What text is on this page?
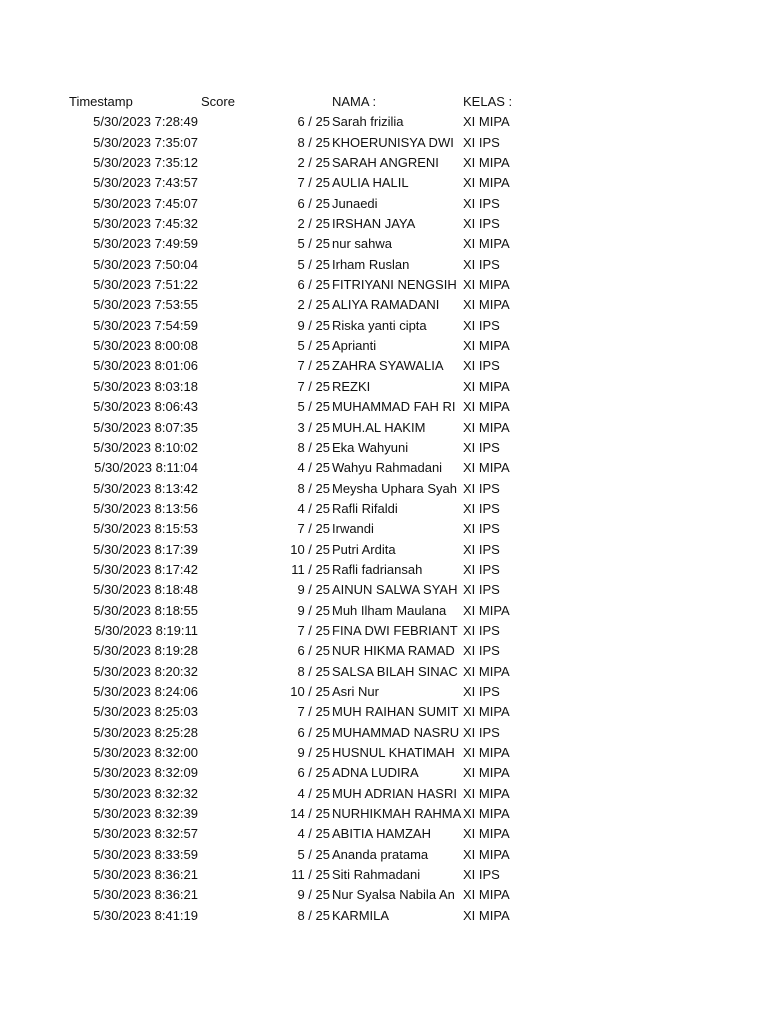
Timestamp	Score	NAMA :	KELAS :
5/30/2023 7:28:49	6 / 25 Sarah frizilia	XI MIPA
5/30/2023 7:35:07	8 / 25 KHOERUNISYA DWI XI IPS
5/30/2023 7:35:12	2 / 25 SARAH ANGRENI	XI MIPA
5/30/2023 7:43:57	7 / 25 AULIA HALIL	XI MIPA
5/30/2023 7:45:07	6 / 25 Junaedi	XI IPS
5/30/2023 7:45:32	2 / 25 IRSHAN JAYA	XI IPS
5/30/2023 7:49:59	5 / 25 nur sahwa	XI MIPA
5/30/2023 7:50:04	5 / 25 Irham Ruslan	XI IPS
5/30/2023 7:51:22	6 / 25 FITRIYANI NENGSIH XI MIPA
5/30/2023 7:53:55	2 / 25 ALIYA RAMADANI	XI MIPA
5/30/2023 7:54:59	9 / 25 Riska yanti cipta	XI IPS
5/30/2023 8:00:08	5 / 25 Aprianti	XI MIPA
5/30/2023 8:01:06	7 / 25 ZAHRA SYAWALIA	XI IPS
5/30/2023 8:03:18	7 / 25 REZKI	XI MIPA
5/30/2023 8:06:43	5 / 25 MUHAMMAD FAH RI XI MIPA
5/30/2023 8:07:35	3 / 25 MUH.AL HAKIM	XI MIPA
5/30/2023 8:10:02	8 / 25 Eka Wahyuni	XI IPS
5/30/2023 8:11:04	4 / 25 Wahyu Rahmadani	XI MIPA
5/30/2023 8:13:42	8 / 25 Meysha Uphara Syah XI IPS
5/30/2023 8:13:56	4 / 25 Rafli Rifaldi	XI IPS
5/30/2023 8:15:53	7 / 25 Irwandi	XI IPS
5/30/2023 8:17:39	10 / 25 Putri Ardita	XI IPS
5/30/2023 8:17:42	11 / 25 Rafli fadriansah	XI IPS
5/30/2023 8:18:48	9 / 25 AINUN SALWA SYAH XI IPS
5/30/2023 8:18:55	9 / 25 Muh Ilham Maulana	XI MIPA
5/30/2023 8:19:11	7 / 25 FINA DWI FEBRIANT XI IPS
5/30/2023 8:19:28	6 / 25 NUR HIKMA RAMAD XI IPS
5/30/2023 8:20:32	8 / 25 SALSA BILAH SINAC XI MIPA
5/30/2023 8:24:06	10 / 25 Asri Nur	XI IPS
5/30/2023 8:25:03	7 / 25 MUH RAIHAN SUMIT XI MIPA
5/30/2023 8:25:28	6 / 25 MUHAMMAD NASRU XI IPS
5/30/2023 8:32:00	9 / 25 HUSNUL KHATIMAH XI MIPA
5/30/2023 8:32:09	6 / 25 ADNA LUDIRA	XI MIPA
5/30/2023 8:32:32	4 / 25 MUH ADRIAN HASRI XI MIPA
5/30/2023 8:32:39	14 / 25 NURHIKMAH RAHMA XI MIPA
5/30/2023 8:32:57	4 / 25 ABITIA HAMZAH	XI MIPA
5/30/2023 8:33:59	5 / 25 Ananda pratama	XI MIPA
5/30/2023 8:36:21	11 / 25 Siti Rahmadani	XI IPS
5/30/2023 8:36:21	9 / 25 Nur Syalsa Nabila An XI MIPA
5/30/2023 8:41:19	8 / 25 KARMILA	XI MIPA
